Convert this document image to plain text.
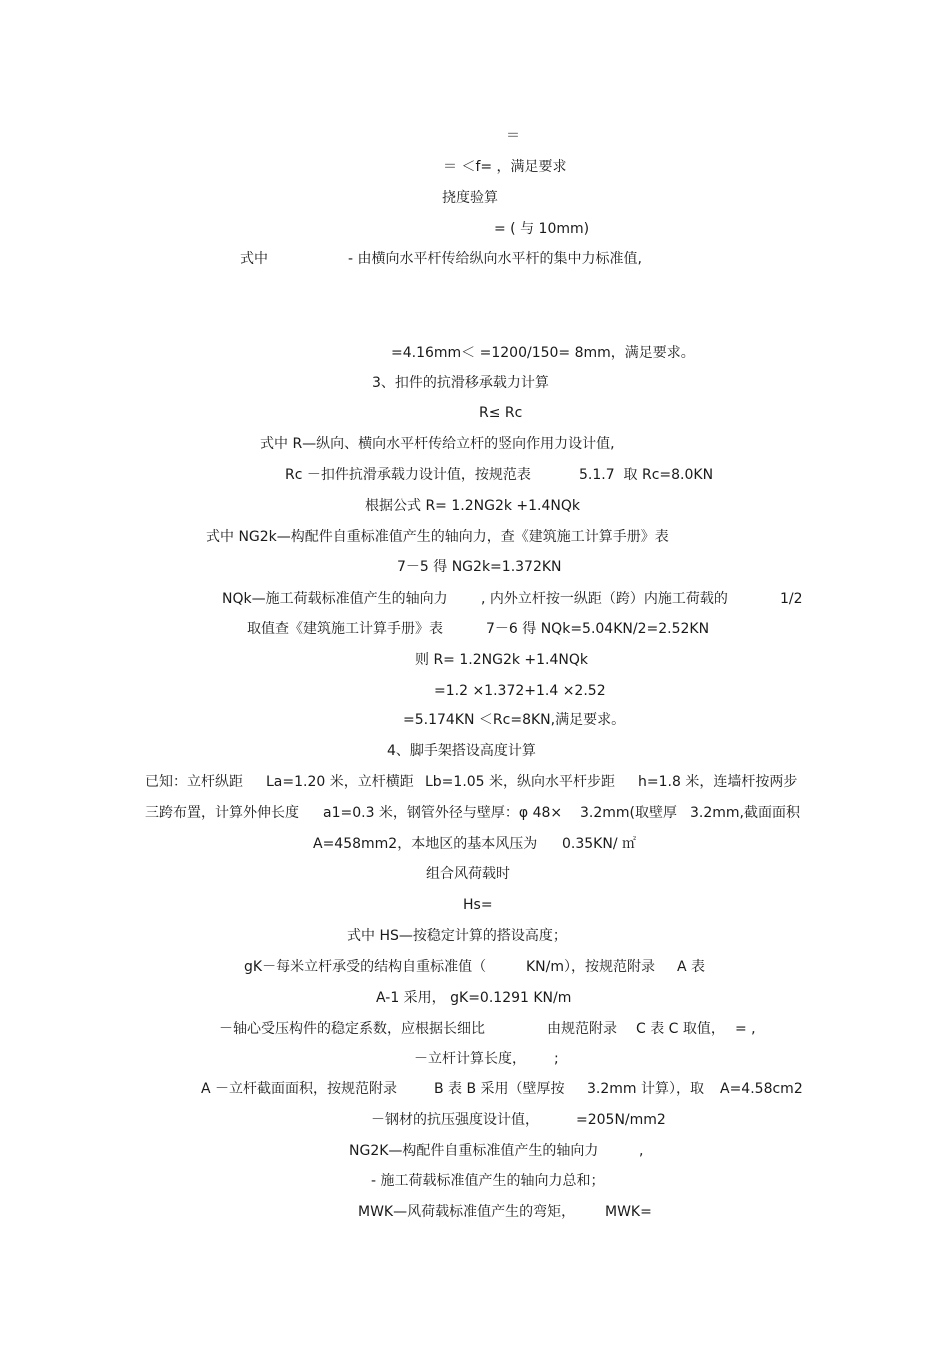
＝
＝ ＜f= ，满足要求
挠度验算
= ( 与 10mm)
式中	- 由横向水平杆传给纵向水平杆的集中力标准值,
=4.16mm＜ =1200/150= 8mm，满足要求。
3、扣件的抗滑移承载力计算
R≤ Rc
式中 R—纵向、横向水平杆传给立杆的竖向作用力设计值,
Rc －扣件抗滑承载力设计值，按规范表	5.1.7  取 Rc=8.0KN
根据公式 R= 1.2NG2k +1.4NQk
式中 NG2k—构配件自重标准值产生的轴向力，查《建筑施工计算手册》表
7－5 得 NG2k=1.372KN
NQk—施工荷载标准值产生的轴向力 , 内外立杆按一纵距（跨）内施工荷载的	1/2
取值查《建筑施工计算手册》表	7－6 得 NQk=5.04KN/2=2.52KN
则 R= 1.2NG2k +1.4NQk
=1.2 ×1.372+1.4 ×2.52
=5.174KN ＜Rc=8KN,满足要求。
4、脚手架搭设高度计算
已知：立杆纵距 La=1.20 米，立杆横距 Lb=1.05 米，纵向水平杆步距 h=1.8 米，连墙杆按两步
三跨布置，计算外伸长度 a1=0.3 米，钢管外径与壁厚：φ 48× 3.2mm(取壁厚 3.2mm,截面面积
A=458mm2，本地区的基本风压为 0.35KN/ ㎡
组合风荷载时
Hs=
式中 HS—按稳定计算的搭设高度；
gK－每米立杆承受的结构自重标准值（	KN/m），按规范附录 A 表
A-1 采用， gK=0.1291 KN/m
－轴心受压构件的稳定系数，应根据长细比	由规范附录 C 表 C 取值， = ,
－立杆计算长度， ;
A －立杆截面面积，按规范附录	B 表 B 采用（壁厚按 3.2mm 计算），取 A=4.58cm2
－钢材的抗压强度设计值，	=205N/mm2
NG2K—构配件自重标准值产生的轴向力	,
- 施工荷载标准值产生的轴向力总和；
MWK—风荷载标准值产生的弯矩， MWK=
